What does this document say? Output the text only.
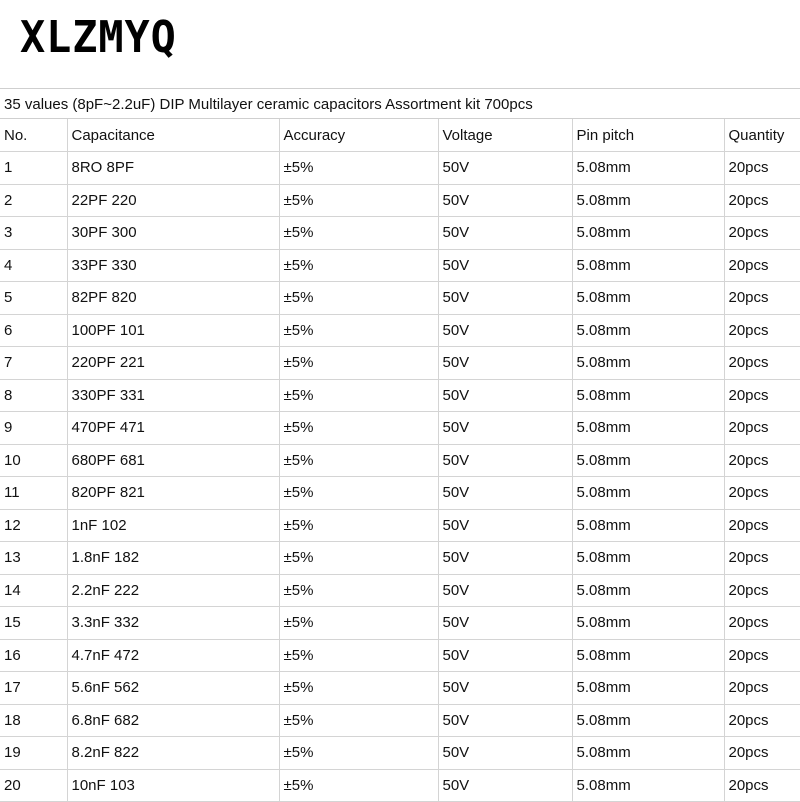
XLZMYQ
35 values (8pF~2.2uF) DIP Multilayer ceramic capacitors Assortment kit 700pcs
No.	Capacitance	Accuracy	Voltage	Pin pitch	Quantity
1	8RO 8PF	±5%	50V	5.08mm	20pcs
2	22PF 220	±5%	50V	5.08mm	20pcs
3	30PF 300	±5%	50V	5.08mm	20pcs
4	33PF 330	±5%	50V	5.08mm	20pcs
5	82PF 820	±5%	50V	5.08mm	20pcs
6	100PF 101	±5%	50V	5.08mm	20pcs
7	220PF 221	±5%	50V	5.08mm	20pcs
8	330PF 331	±5%	50V	5.08mm	20pcs
9	470PF 471	±5%	50V	5.08mm	20pcs
10	680PF 681	±5%	50V	5.08mm	20pcs
11	820PF 821	±5%	50V	5.08mm	20pcs
12	1nF 102	±5%	50V	5.08mm	20pcs
13	1.8nF 182	±5%	50V	5.08mm	20pcs
14	2.2nF 222	±5%	50V	5.08mm	20pcs
15	3.3nF 332	±5%	50V	5.08mm	20pcs
16	4.7nF 472	±5%	50V	5.08mm	20pcs
17	5.6nF 562	±5%	50V	5.08mm	20pcs
18	6.8nF 682	±5%	50V	5.08mm	20pcs
19	8.2nF 822	±5%	50V	5.08mm	20pcs
20	10nF 103	±5%	50V	5.08mm	20pcs
